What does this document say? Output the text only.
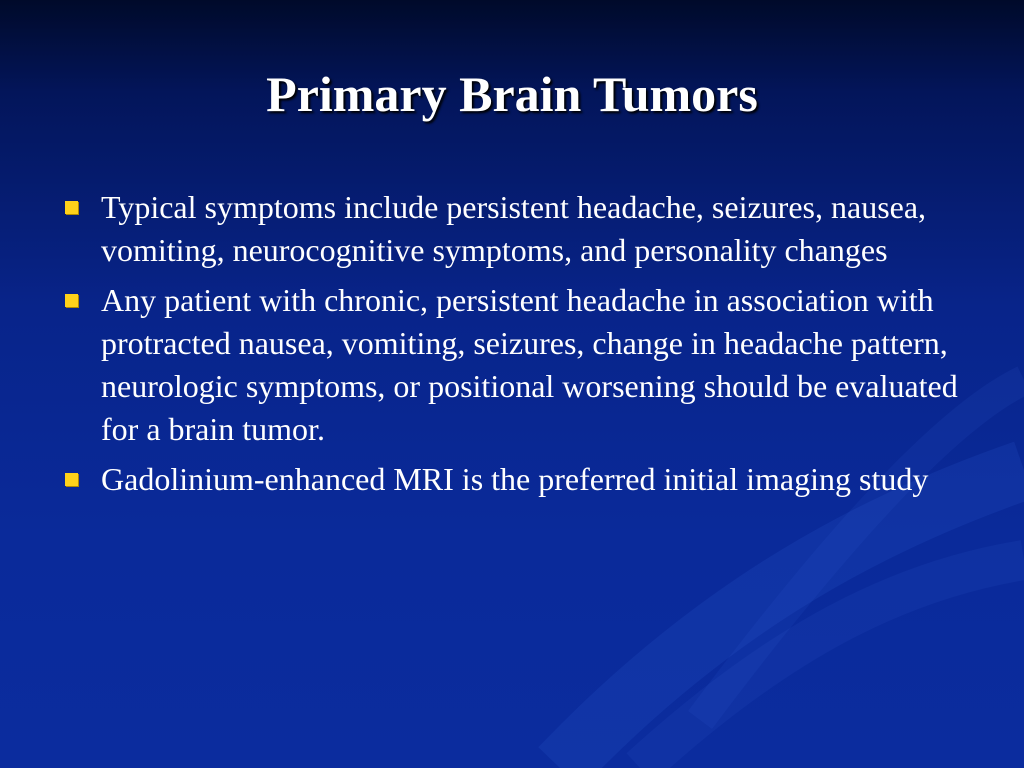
Primary Brain Tumors
Typical symptoms include persistent headache, seizures, nausea, vomiting, neurocognitive symptoms, and personality changes
Any patient with chronic, persistent headache in association with protracted nausea, vomiting, seizures, change in headache pattern, neurologic symptoms, or positional worsening should be evaluated for a brain tumor.
Gadolinium-enhanced MRI is the preferred initial imaging study
